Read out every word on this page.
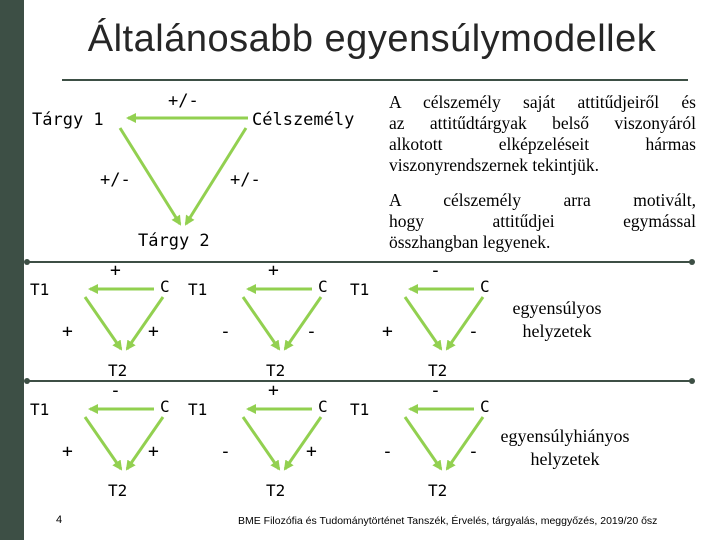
Általánosabb egyensúlymodellek
Tárgy 1	Célszemély
Tárgy 2
+/-
+/-	+/-
T1	C
T2
+
+	+
T1	C
T2
+
-	-
T1	C
T2
-
+	-
T1	C
T2
-
+	+
T1	C
T2
+
-	+
T1	C
T2
-
-	-
A célszemély saját attitűdjeiről és
az attitűdtárgyak belső viszonyáról
alkotott elképzeléseit hármas
viszonyrendszernek tekintjük.
A célszemély arra motivált,
hogy attitűdjei egymással
összhangban legyenek.
egyensúlyos
helyzetek
egyensúlyhiányos
helyzetek
4	BME Filozófia és Tudománytörténet Tanszék, Érvelés, tárgyalás, meggyőzés, 2019/20 ősz
